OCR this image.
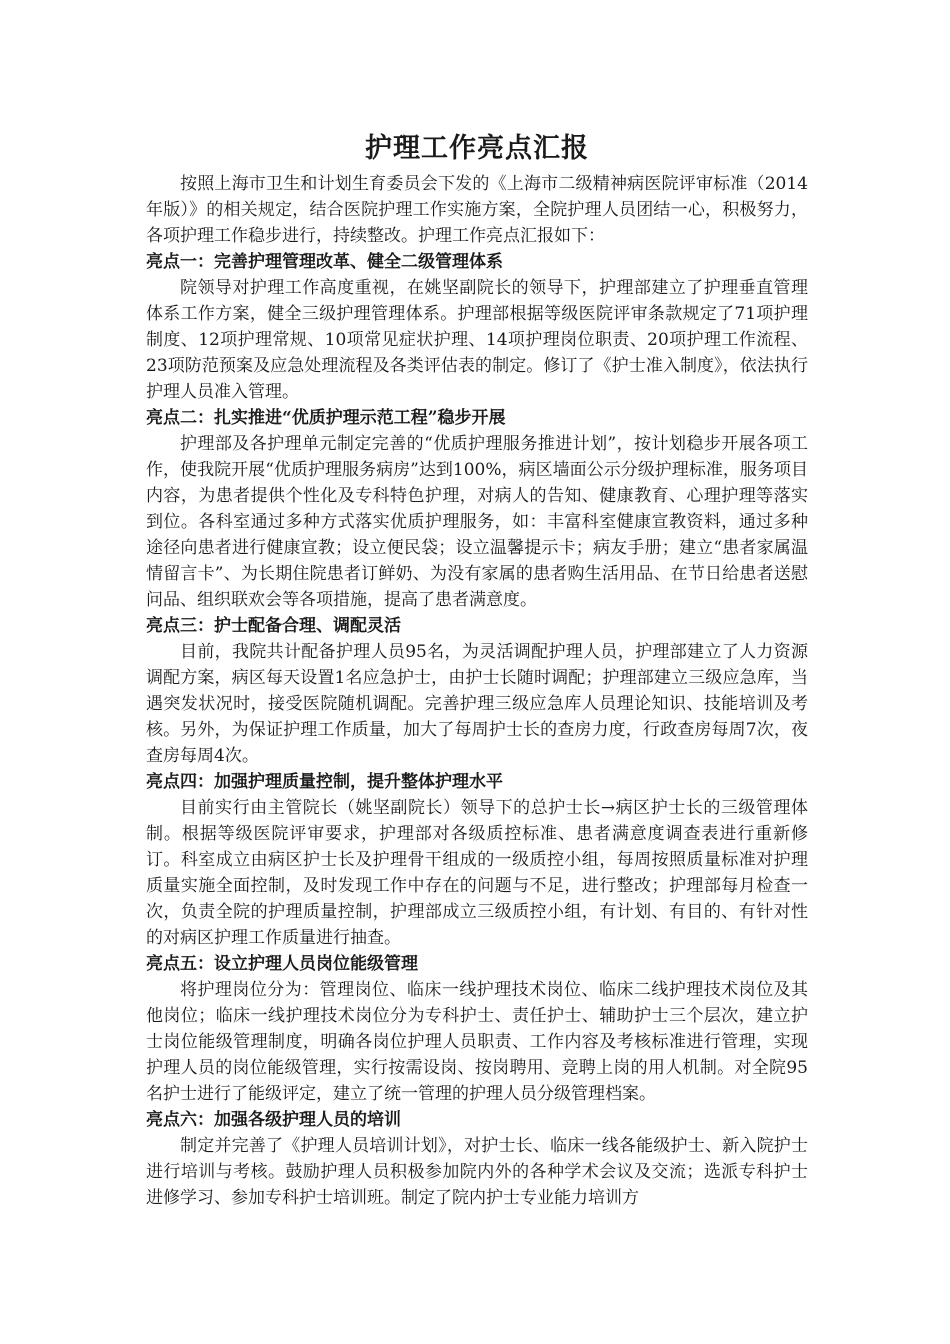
护理工作亮点汇报

按照上海市卫生和计划生育委员会下发的《上海市二级精神病医院评审标准（2014年版）》的相关规定，结合医院护理工作实施方案，全院护理人员团结一心，积极努力，各项护理工作稳步进行，持续整改。护理工作亮点汇报如下：

亮点一：完善护理管理改革、健全二级管理体系

院领导对护理工作高度重视，在姚坚副院长的领导下，护理部建立了护理垂直管理体系工作方案，健全三级护理管理体系。护理部根据等级医院评审条款规定了71项护理制度、12项护理常规、10项常见症状护理、14项护理岗位职责、20项护理工作流程、23项防范预案及应急处理流程及各类评估表的制定。修订了《护士准入制度》，依法执行护理人员准入管理。

亮点二：扎实推进“优质护理示范工程”稳步开展

护理部及各护理单元制定完善的“优质护理服务推进计划”，按计划稳步开展各项工作，使我院开展“优质护理服务病房”达到100%，病区墙面公示分级护理标准，服务项目内容，为患者提供个性化及专科特色护理，对病人的告知、健康教育、心理护理等落实到位。各科室通过多种方式落实优质护理服务，如：丰富科室健康宣教资料，通过多种途径向患者进行健康宣教；设立便民袋；设立温馨提示卡；病友手册；建立“患者家属温情留言卡”、为长期住院患者订鲜奶、为没有家属的患者购生活用品、在节日给患者送慰问品、组织联欢会等各项措施，提高了患者满意度。

亮点三：护士配备合理、调配灵活

目前，我院共计配备护理人员95名，为灵活调配护理人员，护理部建立了人力资源调配方案，病区每天设置1名应急护士，由护士长随时调配；护理部建立三级应急库，当遇突发状况时，接受医院随机调配。完善护理三级应急库人员理论知识、技能培训及考核。另外，为保证护理工作质量，加大了每周护士长的查房力度，行政查房每周7次，夜查房每周4次。

亮点四：加强护理质量控制，提升整体护理水平

目前实行由主管院长（姚坚副院长）领导下的总护士长→病区护士长的三级管理体制。根据等级医院评审要求，护理部对各级质控标准、患者满意度调查表进行重新修订。科室成立由病区护士长及护理骨干组成的一级质控小组，每周按照质量标准对护理质量实施全面控制，及时发现工作中存在的问题与不足，进行整改；护理部每月检查一次，负责全院的护理质量控制，护理部成立三级质控小组，有计划、有目的、有针对性的对病区护理工作质量进行抽查。

亮点五：设立护理人员岗位能级管理

将护理岗位分为：管理岗位、临床一线护理技术岗位、临床二线护理技术岗位及其他岗位；临床一线护理技术岗位分为专科护士、责任护士、辅助护士三个层次，建立护士岗位能级管理制度，明确各岗位护理人员职责、工作内容及考核标准进行管理，实现护理人员的岗位能级管理，实行按需设岗、按岗聘用、竞聘上岗的用人机制。对全院95名护士进行了能级评定，建立了统一管理的护理人员分级管理档案。

亮点六：加强各级护理人员的培训

制定并完善了《护理人员培训计划》，对护士长、临床一线各能级护士、新入院护士进行培训与考核。鼓励护理人员积极参加院内外的各种学术会议及交流；选派专科护士进修学习、参加专科护士培训班。制定了院内护士专业能力培训方
